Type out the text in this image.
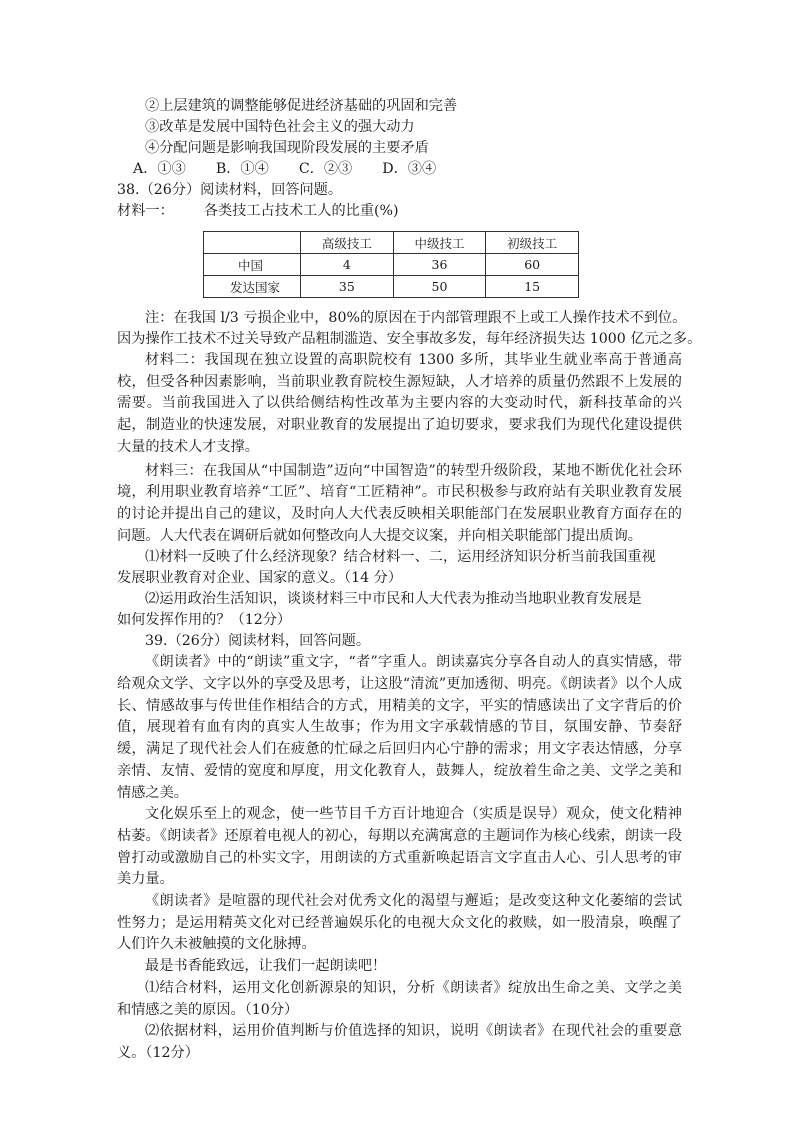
②上层建筑的调整能够促进经济基础的巩固和完善

③改革是发展中国特色社会主义的强大动力

④分配问题是影响我国现阶段发展的主要矛盾

A．①③ B．①④ C．②③ D．③④

38.（26分）阅读材料，回答问题。

材料一： 各类技工占技术工人的比重(%)

	高级技工	中级技工	初级技工
中国	4	36	60
发达国家	35	50	15

注：在我国 l/3 亏损企业中，80%的原因在于内部管理跟不上或工人操作技术不到位。

因为操作工技术不过关导致产品粗制滥造、安全事故多发，每年经济损失达 1000 亿元之多。

材料二：我国现在独立设置的高职院校有 1300 多所，其毕业生就业率高于普通高校，但受各种因素影响，当前职业教育院校生源短缺，人才培养的质量仍然跟不上发展的需要。当前我国进入了以供给侧结构性改革为主要内容的大变动时代，新科技革命的兴起，制造业的快速发展，对职业教育的发展提出了迫切要求，要求我们为现代化建设提供大量的技术人才支撑。

材料三：在我国从“中国制造”迈向“中国智造”的转型升级阶段，某地不断优化社会环境，利用职业教育培养“工匠”、培育“工匠精神”。市民积极参与政府站有关职业教育发展的讨论并提出自己的建议，及时向人大代表反映相关职能部门在发展职业教育方面存在的问题。人大代表在调研后就如何整改向人大提交议案，并向相关职能部门提出质询。

⑴材料一反映了什么经济现象？结合材料一、二，运用经济知识分析当前我国重视

发展职业教育对企业、国家的意义。（14 分）

⑵运用政治生活知识，谈谈材料三中市民和人大代表为推动当地职业教育发展是

如何发挥作用的？（12分）

39.（26分）阅读材料，回答问题。

《朗读者》中的“朗读”重文字，“者”字重人。朗读嘉宾分享各自动人的真实情感，带给观众文学、文字以外的享受及思考，让这股“清流”更加透彻、明亮。《朗读者》以个人成长、情感故事与传世佳作相结合的方式，用精美的文字，平实的情感读出了文字背后的价值，展现着有血有肉的真实人生故事；作为用文字承载情感的节目，氛围安静、节奏舒缓，满足了现代社会人们在疲惫的忙碌之后回归内心宁静的需求；用文字表达情感，分享亲情、友情、爱情的宽度和厚度，用文化教育人，鼓舞人，绽放着生命之美、文学之美和情感之美。

文化娱乐至上的观念，使一些节目千方百计地迎合（实质是误导）观众，使文化精神枯萎。《朗读者》还原着电视人的初心，每期以充满寓意的主题词作为核心线索，朗读一段曾打动或激励自己的朴实文字，用朗读的方式重新唤起语言文字直击人心、引人思考的审美力量。

《朗读者》是喧嚣的现代社会对优秀文化的渴望与邂逅；是改变这种文化萎缩的尝试性努力；是运用精英文化对已经普遍娱乐化的电视大众文化的救赎，如一股清泉，唤醒了人们许久未被触摸的文化脉搏。

最是书香能致远，让我们一起朗读吧！

⑴结合材料，运用文化创新源泉的知识，分析《朗读者》绽放出生命之美、文学之美和情感之美的原因。（10分）

⑵依据材料，运用价值判断与价值选择的知识，说明《朗读者》在现代社会的重要意义。（12分）
